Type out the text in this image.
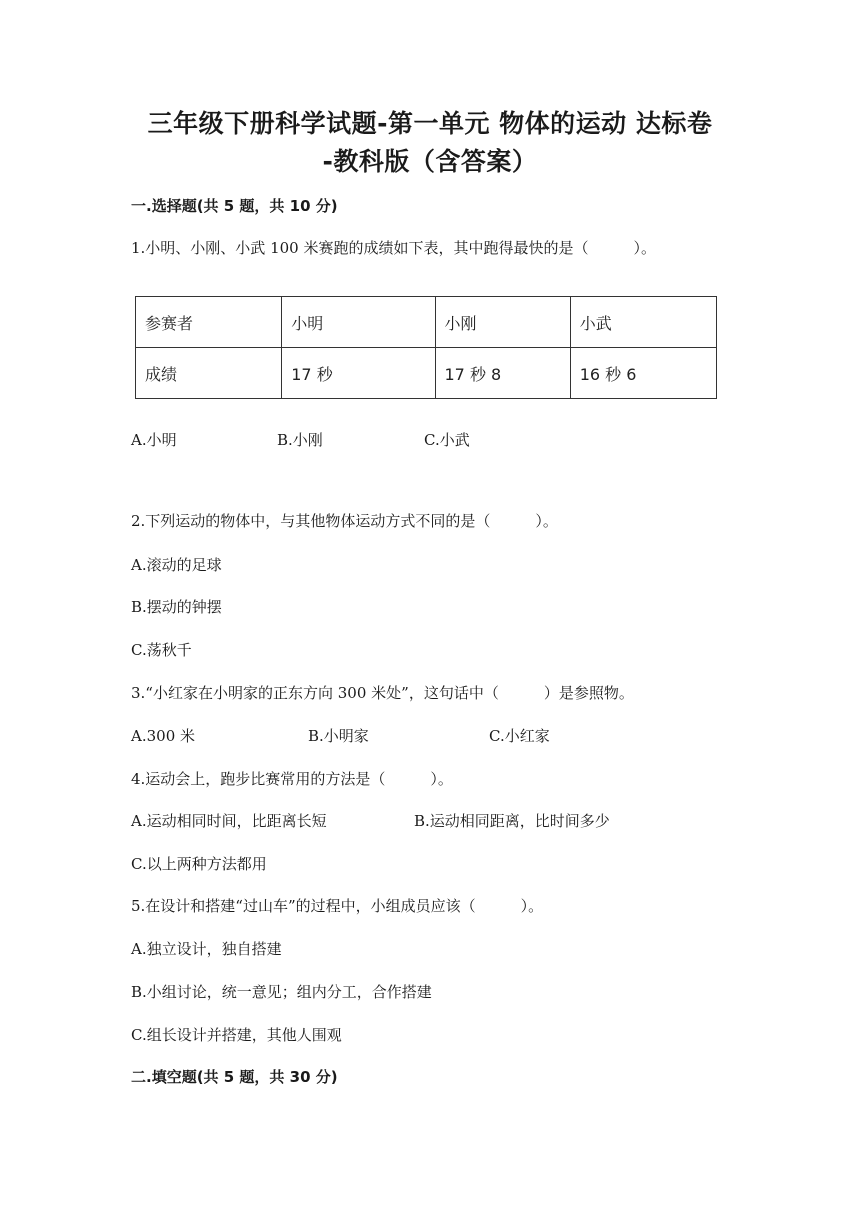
三年级下册科学试题-第一单元 物体的运动 达标卷
-教科版（含答案）
一.选择题(共 5 题，共 10 分)
1.小明、小刚、小武 100 米赛跑的成绩如下表，其中跑得最快的是（　　　）。
参赛者	小明	小刚	小武
成绩	17 秒	17 秒 8	16 秒 6
A.小明	B.小刚	C.小武
2.下列运动的物体中，与其他物体运动方式不同的是（　　　）。
A.滚动的足球
B.摆动的钟摆
C.荡秋千
3.“小红家在小明家的正东方向 300 米处”，这句话中（　　　）是参照物。
A.300 米	B.小明家	C.小红家
4.运动会上，跑步比赛常用的方法是（　　　）。
A.运动相同时间，比距离长短	B.运动相同距离，比时间多少
C.以上两种方法都用
5.在设计和搭建“过山车”的过程中，小组成员应该（　　　）。
A.独立设计，独自搭建
B.小组讨论，统一意见；组内分工，合作搭建
C.组长设计并搭建，其他人围观
二.填空题(共 5 题，共 30 分)
